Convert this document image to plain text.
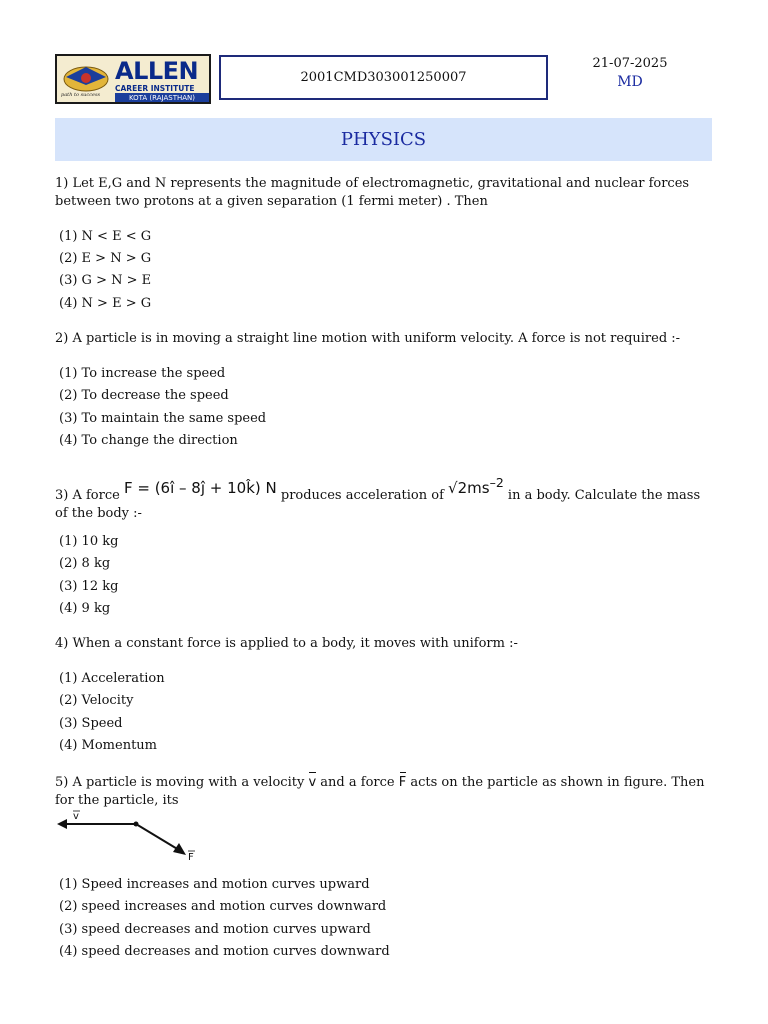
path to success
ALLEN
CAREER INSTITUTE
KOTA (RAJASTHAN)
2001CMD303001250007
21-07-2025
MD
PHYSICS
1) Let E,G and N represents the magnitude of electromagnetic, gravitational and nuclear forces between two protons at a given separation (1 fermi meter) . Then
(1) N < E < G
(2) E > N > G
(3) G > N > E
(4) N > E > G
2) A particle is in moving a straight line motion with uniform velocity. A force is not required :-
(1) To increase the speed
(2) To decrease the speed
(3) To maintain the same speed
(4) To change the direction
3) A force F = (6î – 8ĵ + 10k̂) N produces acceleration of $√2ms^{-2}$ in a body. Calculate the mass of the body :-
(1) 10 kg
(2) 8 kg
(3) 12 kg
(4) 9 kg
4) When a constant force is applied to a body, it moves with uniform :-
(1) Acceleration
(2) Velocity
(3) Speed
(4) Momentum
5) A particle is moving with a velocity v and a force F acts on the particle as shown in figure. Then for the particle, its
v
F
(1) Speed increases and motion curves upward
(2) speed increases and motion curves downward
(3) speed decreases and motion curves upward
(4) speed decreases and motion curves downward
